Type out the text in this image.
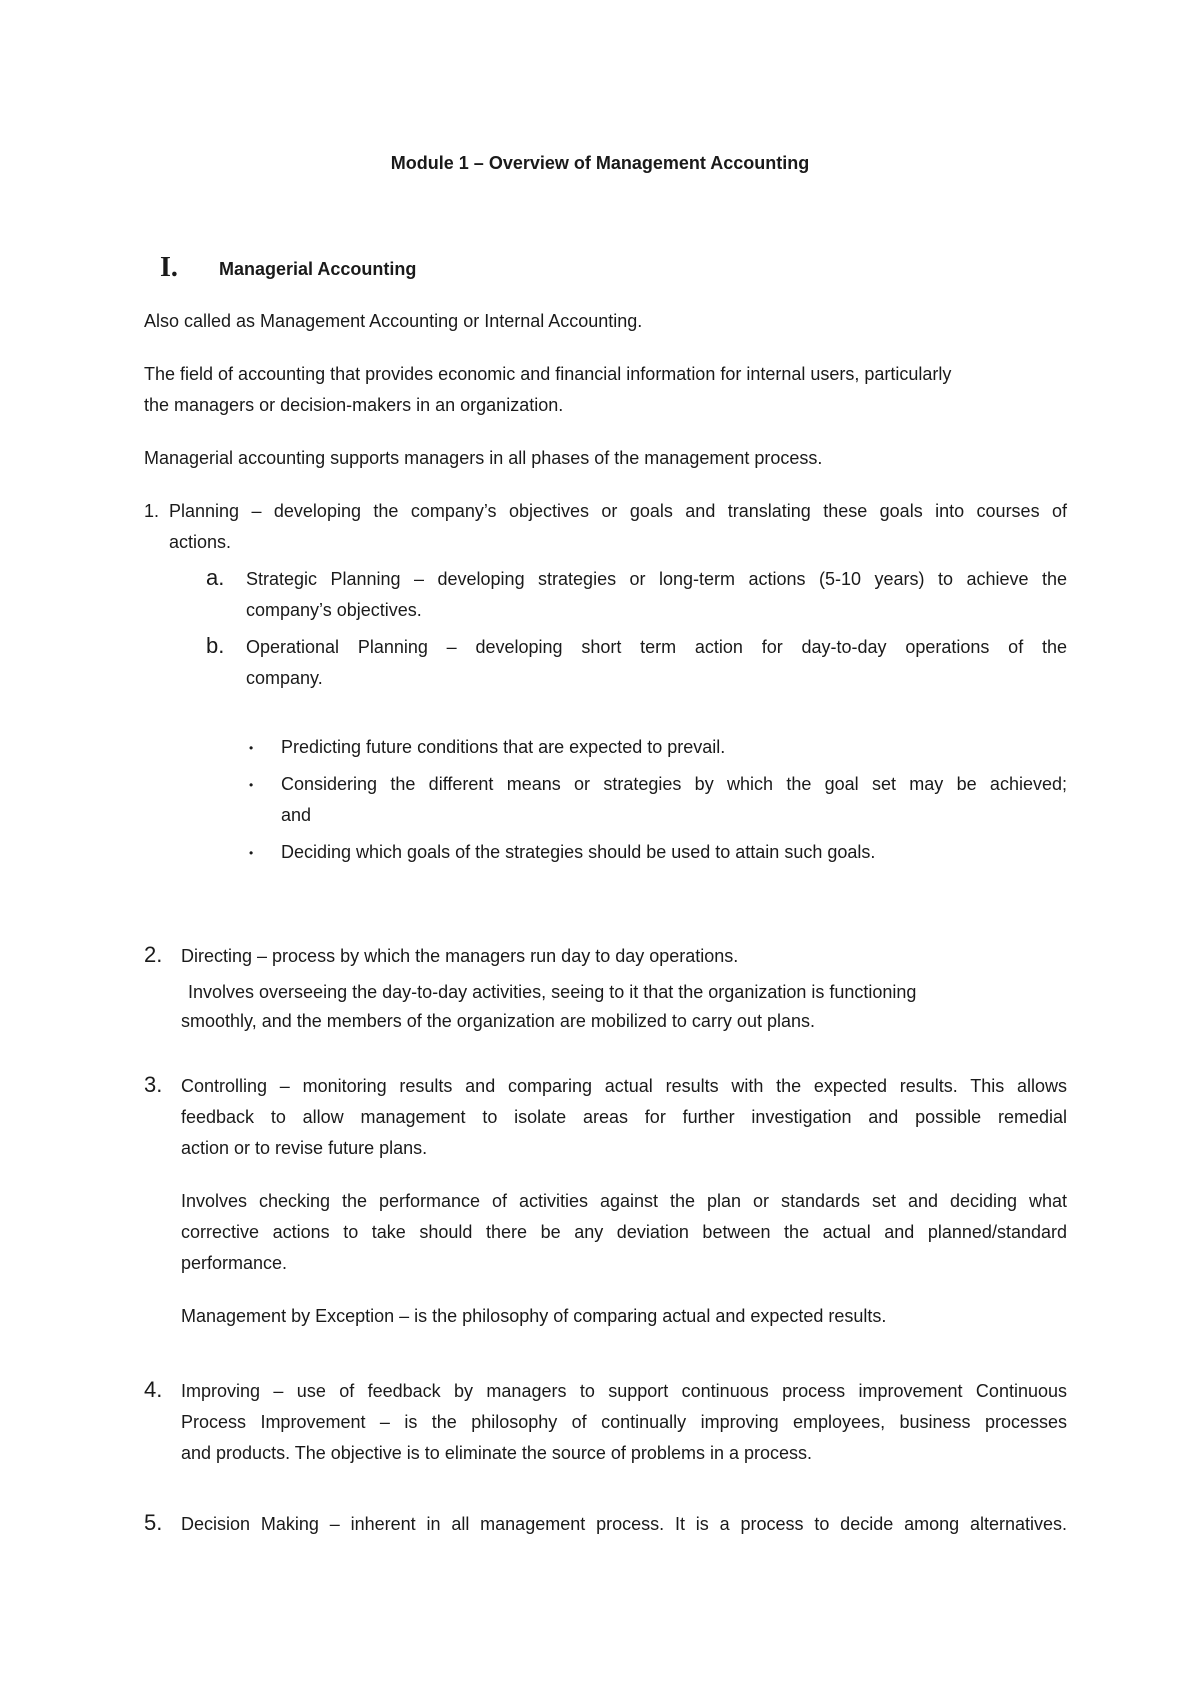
Module 1 – Overview of Management Accounting
I. Managerial Accounting
Also called as Management Accounting or Internal Accounting.
The field of accounting that provides economic and financial information for internal users, particularly
the managers or decision-makers in an organization.
Managerial accounting supports managers in all phases of the management process.
1. Planning – developing the company’s objectives or goals and translating these goals into courses of
actions.
a. Strategic Planning – developing strategies or long-term actions (5-10 years) to achieve the
company’s objectives.
b. Operational Planning – developing short term action for day-to-day operations of the
company.
• Predicting future conditions that are expected to prevail.
• Considering the different means or strategies by which the goal set may be achieved;
and
• Deciding which goals of the strategies should be used to attain such goals.
2. Directing – process by which the managers run day to day operations.
Involves overseeing the day-to-day activities, seeing to it that the organization is functioning
smoothly, and the members of the organization are mobilized to carry out plans.
3. Controlling – monitoring results and comparing actual results with the expected results. This allows
feedback to allow management to isolate areas for further investigation and possible remedial
action or to revise future plans.
Involves checking the performance of activities against the plan or standards set and deciding what
corrective actions to take should there be any deviation between the actual and planned/standard
performance.
Management by Exception – is the philosophy of comparing actual and expected results.
4. Improving – use of feedback by managers to support continuous process improvement Continuous
Process Improvement – is the philosophy of continually improving employees, business processes
and products. The objective is to eliminate the source of problems in a process.
5. Decision Making – inherent in all management process. It is a process to decide among alternatives.
